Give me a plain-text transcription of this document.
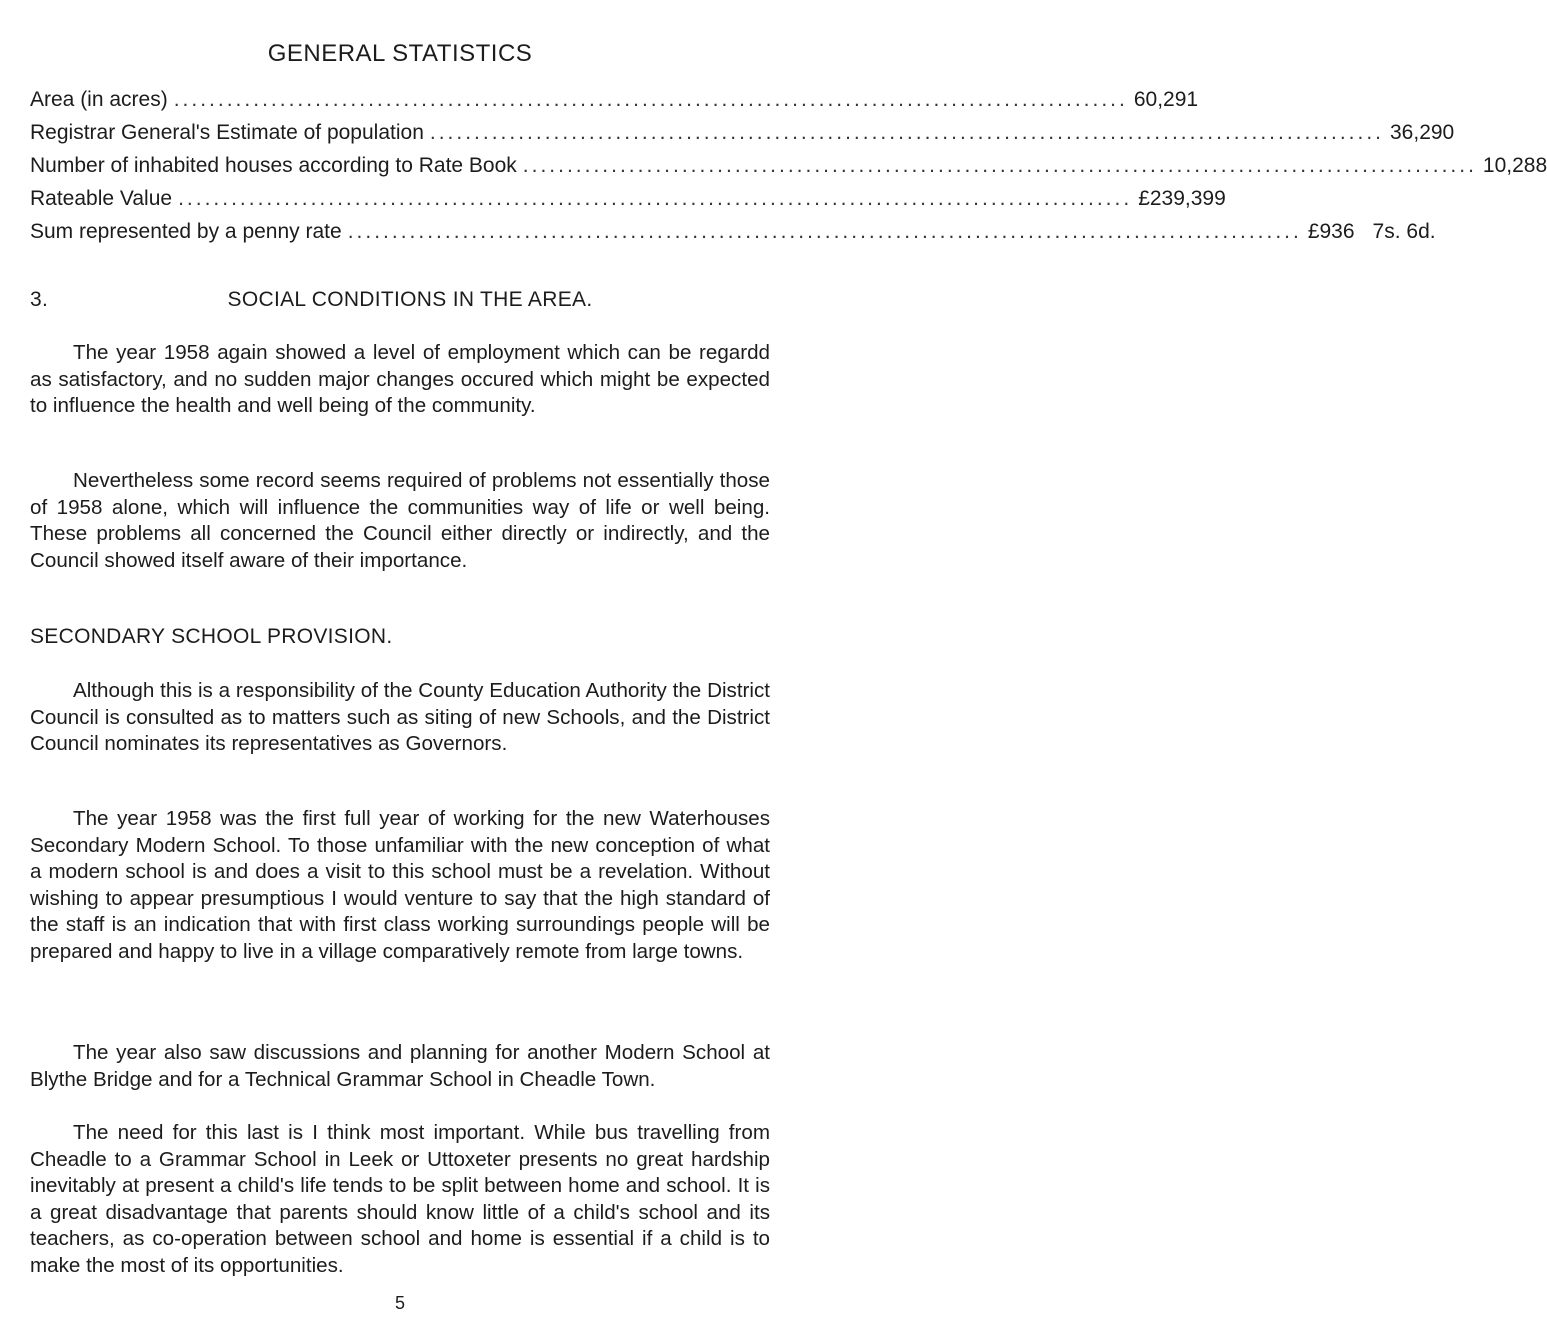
GENERAL STATISTICS
Area (in acres) ............................................................................................................ 60,291
Registrar General's Estimate of population ............................................................................................................ 36,290
Number of inhabited houses according to Rate Book ............................................................................................................ 10,288
Rateable Value ............................................................................................................ £239,399
Sum represented by a penny rate ............................................................................................................ £936 7s. 6d.
3.	SOCIAL CONDITIONS IN THE AREA.

The year 1958 again showed a level of employment which can be regardd as satisfactory, and no sudden major changes occured which might be expected to influence the health and well being of the community.

Nevertheless some record seems required of problems not essentially those of 1958 alone, which will influence the communities way of life or well being. These problems all concerned the Council either directly or indirectly, and the Council showed itself aware of their importance.

SECONDARY SCHOOL PROVISION.

Although this is a responsibility of the County Education Authority the District Council is consulted as to matters such as siting of new Schools, and the District Council nominates its representatives as Governors.

The year 1958 was the first full year of working for the new Waterhouses Secondary Modern School. To those unfamiliar with the new conception of what a modern school is and does a visit to this school must be a revelation. Without wishing to appear presumptious I would venture to say that the high standard of the staff is an indication that with first class working surroundings people will be prepared and happy to live in a village comparatively remote from large towns.

The year also saw discussions and planning for another Modern School at Blythe Bridge and for a Technical Grammar School in Cheadle Town.

The need for this last is I think most important. While bus travelling from Cheadle to a Grammar School in Leek or Uttoxeter presents no great hardship inevitably at present a child's life tends to be split between home and school. It is a great disadvantage that parents should know little of a child's school and its teachers, as co-operation between school and home is essential if a child is to make the most of its opportunities.

5
